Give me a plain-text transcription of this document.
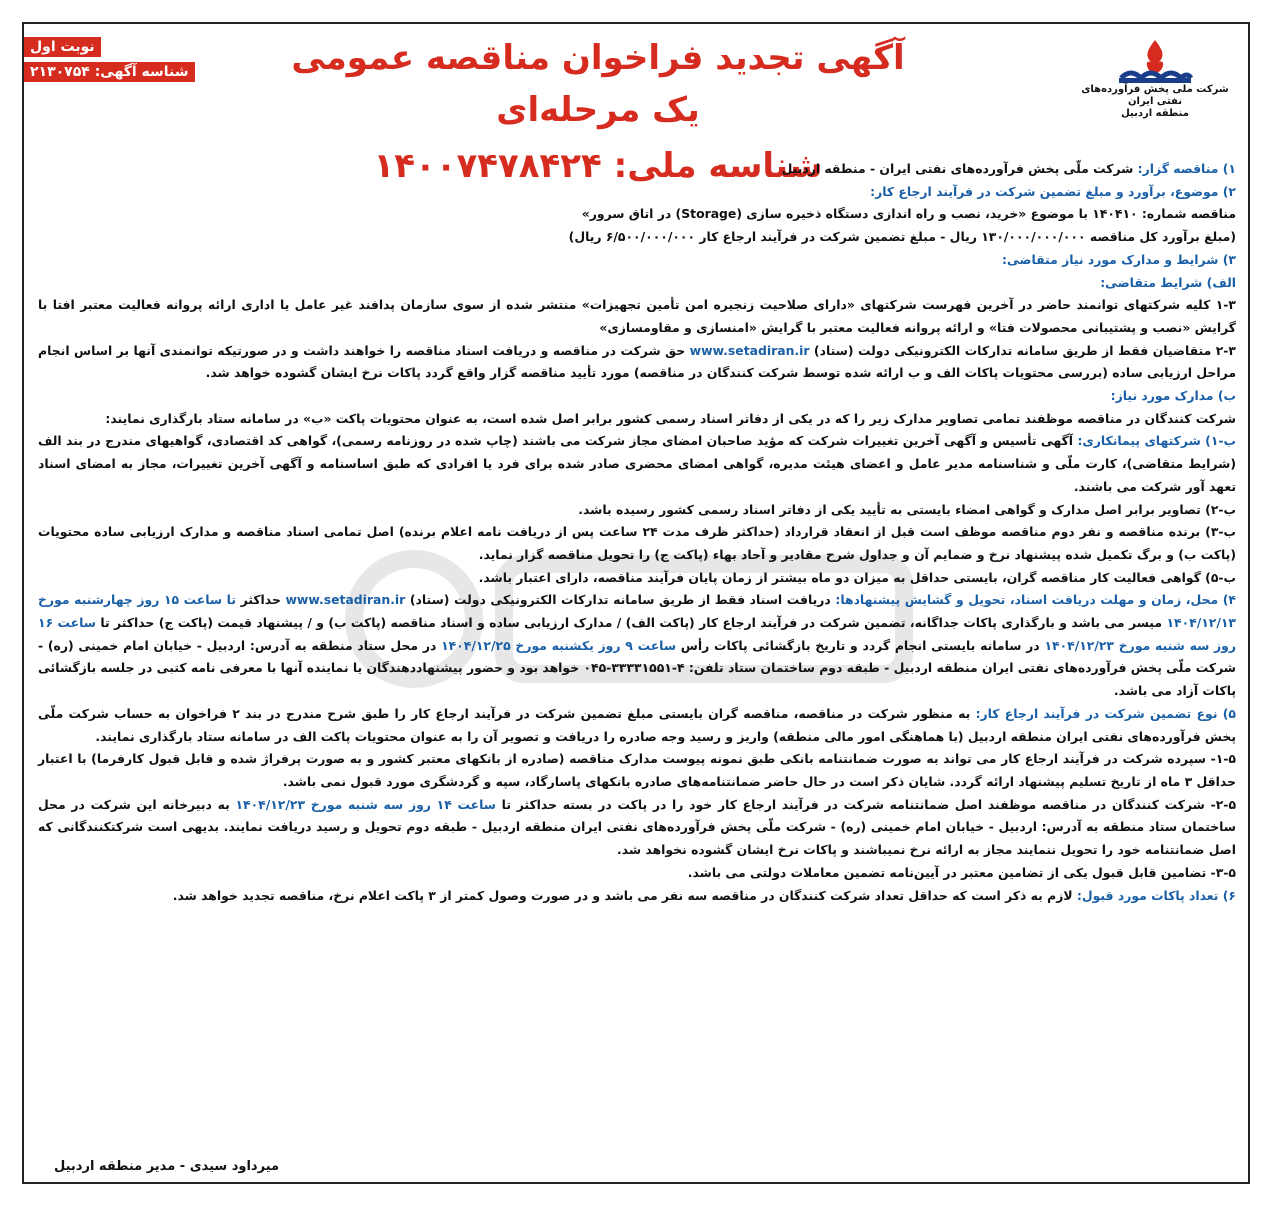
شرکت ملی پخش فرآورده‌های نفتی ایران
منطقه اردبیل
آگهی تجدید فراخوان مناقصه عمومی یک مرحله‌ای
شناسه ملی: ۱۴۰۰۷۴۷۸۴۲۴
نوبت اول
شناسه آگهی: ۲۱۳۰۷۵۴

۱) مناقصه گزار: شرکت ملّی پخش فرآورده‌های نفتی ایران - منطقه اردبیل

۲) موضوع، برآورد و مبلغ تضمین شرکت در فرآیند ارجاع کار:

مناقصه شماره: ۱۴۰۴۱۰ با موضوع «خرید، نصب و راه اندازی دستگاه ذخیره سازی (Storage) در اتاق سرور»

(مبلغ برآورد کل مناقصه ۱۳۰/۰۰۰/۰۰۰/۰۰۰ ریال - مبلغ تضمین شرکت در فرآیند ارجاع کار ۶/۵۰۰/۰۰۰/۰۰۰ ریال)

۳) شرایط و مدارک مورد نیاز متقاضی:

الف) شرایط متقاضی:

۱-۳ کلیه شرکتهای توانمند حاضر در آخرین فهرست شرکتهای «دارای صلاحیت زنجیره امن تأمین تجهیزات» منتشر شده از سوی سازمان پدافند غیر عامل یا اداری ارائه پروانه فعالیت معتبر افتا با گرایش «نصب و پشتیبانی محصولات فتا» و ارائه پروانه فعالیت معتبر با گرایش «امنسازی و مقاومسازی»

۲-۳ متقاضیان فقط از طریق سامانه تدارکات الکترونیکی دولت (ستاد) www.setadiran.ir حق شرکت در مناقصه و دریافت اسناد مناقصه را خواهند داشت و در صورتیکه توانمندی آنها بر اساس انجام مراحل ارزیابی ساده (بررسی محتویات پاکات الف و ب ارائه شده توسط شرکت کنندگان در مناقصه) مورد تأیید مناقصه گزار واقع گردد پاکات نرخ ایشان گشوده خواهد شد.

ب) مدارک مورد نیاز:

شرکت کنندگان در مناقصه موظفند تمامی تصاویر مدارک زیر را که در یکی از دفاتر اسناد رسمی کشور برابر اصل شده است، به عنوان محتویات پاکت «ب» در سامانه ستاد بارگذاری نمایند:

ب-۱) شرکتهای پیمانکاری: آگهی تأسیس و آگهی آخرین تغییرات شرکت که مؤید صاحبان امضای مجاز شرکت می باشند (چاپ شده در روزنامه رسمی)، گواهی کد اقتصادی، گواهیهای مندرج در بند الف (شرایط متقاضی)، کارت ملّی و شناسنامه مدیر عامل و اعضای هیئت مدیره، گواهی امضای محضری صادر شده برای فرد یا افرادی که طبق اساسنامه و آگهی آخرین تغییرات، مجاز به امضای اسناد تعهد آور شرکت می باشند.

ب-۲) تصاویر برابر اصل مدارک و گواهی امضاء بایستی به تأیید یکی از دفاتر اسناد رسمی کشور رسیده باشد.

ب-۳) برنده مناقصه و نفر دوم مناقصه موظف است قبل از انعقاد قرارداد (حداکثر ظرف مدت ۲۴ ساعت پس از دریافت نامه اعلام برنده) اصل تمامی اسناد مناقصه و مدارک ارزیابی ساده محتویات (پاکت ب) و برگ تکمیل شده پیشنهاد نرخ و ضمایم آن و جداول شرح مقادیر و آحاد بهاء (پاکت ج) را تحویل مناقصه گزار نماید.

ب-۵) گواهی فعالیت کار مناقصه گران، بایستی حداقل به میزان دو ماه بیشتر از زمان پایان فرآیند مناقصه، دارای اعتبار باشد.

۴) محل، زمان و مهلت دریافت اسناد، تحویل و گشایش پیشنهادها: دریافت اسناد فقط از طریق سامانه تدارکات الکترونیکی دولت (ستاد) www.setadiran.ir حداکثر تا ساعت ۱۵ روز چهارشنبه مورخ ۱۴۰۴/۱۲/۱۳ میسر می باشد و بارگذاری پاکات جداگانه، تضمین شرکت در فرآیند ارجاع کار (پاکت الف) / مدارک ارزیابی ساده و اسناد مناقصه (پاکت ب) و / پیشنهاد قیمت (پاکت ج) حداکثر تا ساعت ۱۶ روز سه شنبه مورخ ۱۴۰۴/۱۲/۲۳ در سامانه بایستی انجام گردد و تاریخ بازگشائی پاکات رأس ساعت ۹ روز یکشنبه مورخ ۱۴۰۴/۱۲/۲۵ در محل ستاد منطقه به آدرس: اردبیل - خیابان امام خمینی (ره) - شرکت ملّی پخش فرآورده‌های نفتی ایران منطقه اردبیل - طبقه دوم ساختمان ستاد تلفن: ۴-۳۳۳۳۱۵۵۱-۰۴۵ خواهد بود و حضور پیشنهاددهندگان یا نماینده آنها با معرفی نامه کتبی در جلسه بازگشائی پاکات آزاد می باشد.

۵) نوع تضمین شرکت در فرآیند ارجاع کار: به منظور شرکت در مناقصه، مناقصه گران بایستی مبلغ تضمین شرکت در فرآیند ارجاع کار را طبق شرح مندرج در بند ۲ فراخوان به حساب شرکت ملّی پخش فرآورده‌های نفتی ایران منطقه اردبیل (با هماهنگی امور مالی منطقه) واریز و رسید وجه صادره را دریافت و تصویر آن را به عنوان محتویات پاکت الف در سامانه ستاد بارگذاری نمایند.

۱-۵- سپرده شرکت در فرآیند ارجاع کار می تواند به صورت ضمانتنامه بانکی طبق نمونه پیوست مدارک مناقصه (صادره از بانکهای معتبر کشور و به صورت پرفراژ شده و قابل قبول کارفرما) با اعتبار حداقل ۳ ماه از تاریخ تسلیم پیشنهاد ارائه گردد. شایان ذکر است در حال حاضر ضمانتنامه‌های صادره بانکهای پاسارگاد، سپه و گردشگری مورد قبول نمی باشد.

۲-۵- شرکت کنندگان در مناقصه موظفند اصل ضمانتنامه شرکت در فرآیند ارجاع کار خود را در پاکت در بسته حداکثر تا ساعت ۱۴ روز سه شنبه مورخ ۱۴۰۴/۱۲/۲۳ به دبیرخانه این شرکت در محل ساختمان ستاد منطقه به آدرس: اردبیل - خیابان امام خمینی (ره) - شرکت ملّی پخش فرآورده‌های نفتی ایران منطقه اردبیل - طبقه دوم تحویل و رسید دریافت نمایند. بدیهی است شرکتکنندگانی که اصل ضمانتنامه خود را تحویل ننمایند مجاز به ارائه نرخ نمیباشند و پاکات نرخ ایشان گشوده نخواهد شد.

۳-۵- تضامین قابل قبول یکی از تضامین معتبر در آیین‌نامه تضمین معاملات دولتی می باشد.

۶) تعداد پاکات مورد قبول: لازم به ذکر است که حداقل تعداد شرکت کنندگان در مناقصه سه نفر می باشد و در صورت وصول کمتر از ۳ پاکت اعلام نرخ، مناقصه تجدید خواهد شد.

میرداود سیدی - مدیر منطقه اردبیل
